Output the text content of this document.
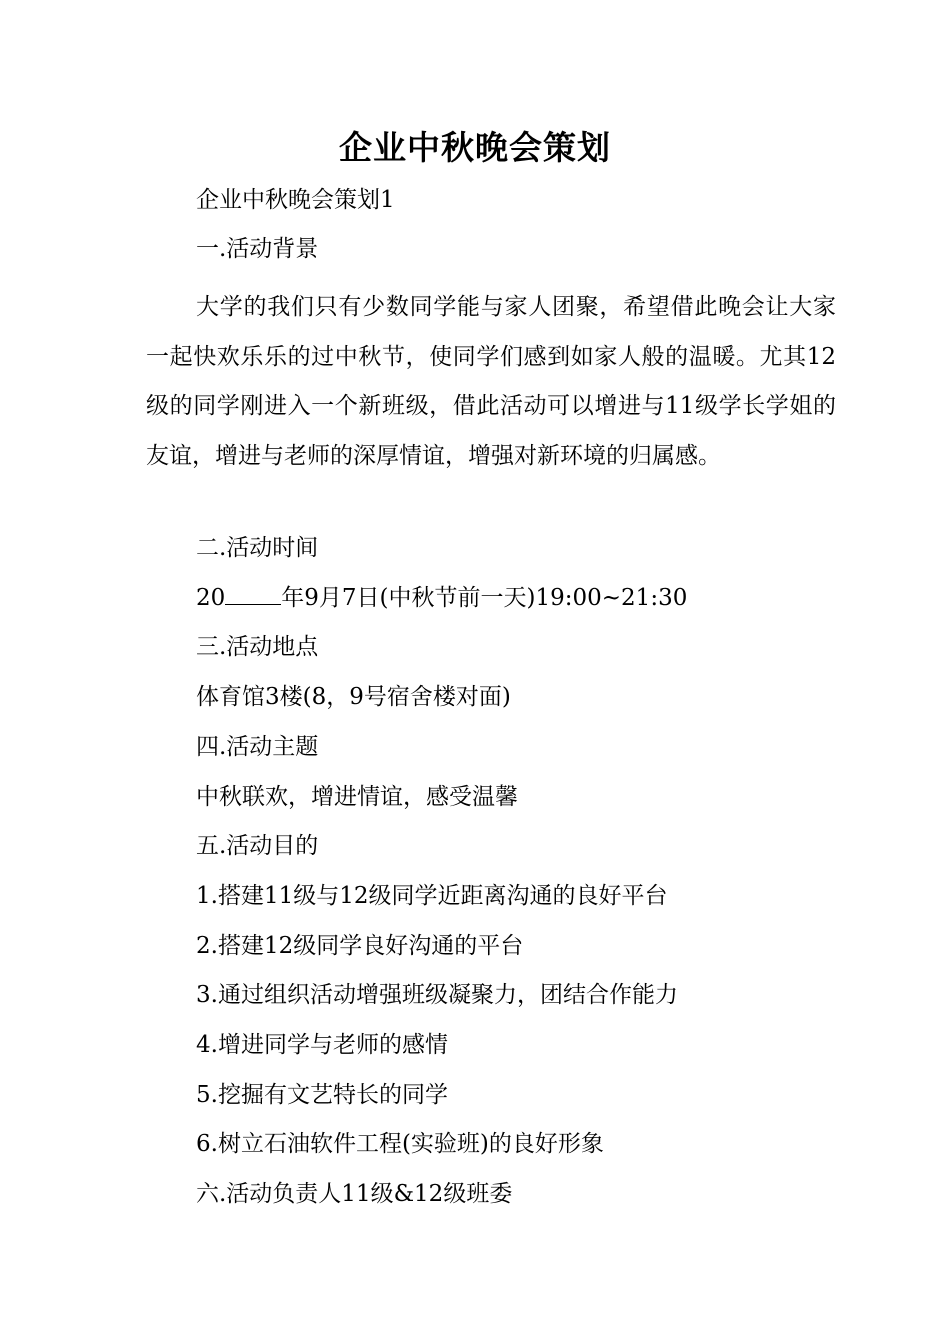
企业中秋晚会策划
企业中秋晚会策划1
一.活动背景
大学的我们只有少数同学能与家人团聚，希望借此晚会让大家一起快欢乐乐的过中秋节，使同学们感到如家人般的温暖。尤其12级的同学刚进入一个新班级，借此活动可以增进与11级学长学姐的友谊，增进与老师的深厚情谊，增强对新环境的归属感。
二.活动时间
20 年9月7日(中秋节前一天)19:00~21:30
三.活动地点
体育馆3楼(8，9号宿舍楼对面)
四.活动主题
中秋联欢，增进情谊，感受温馨
五.活动目的
1.搭建11级与12级同学近距离沟通的良好平台
2.搭建12级同学良好沟通的平台
3.通过组织活动增强班级凝聚力，团结合作能力
4.增进同学与老师的感情
5.挖掘有文艺特长的同学
6.树立石油软件工程(实验班)的良好形象
六.活动负责人11级&12级班委
